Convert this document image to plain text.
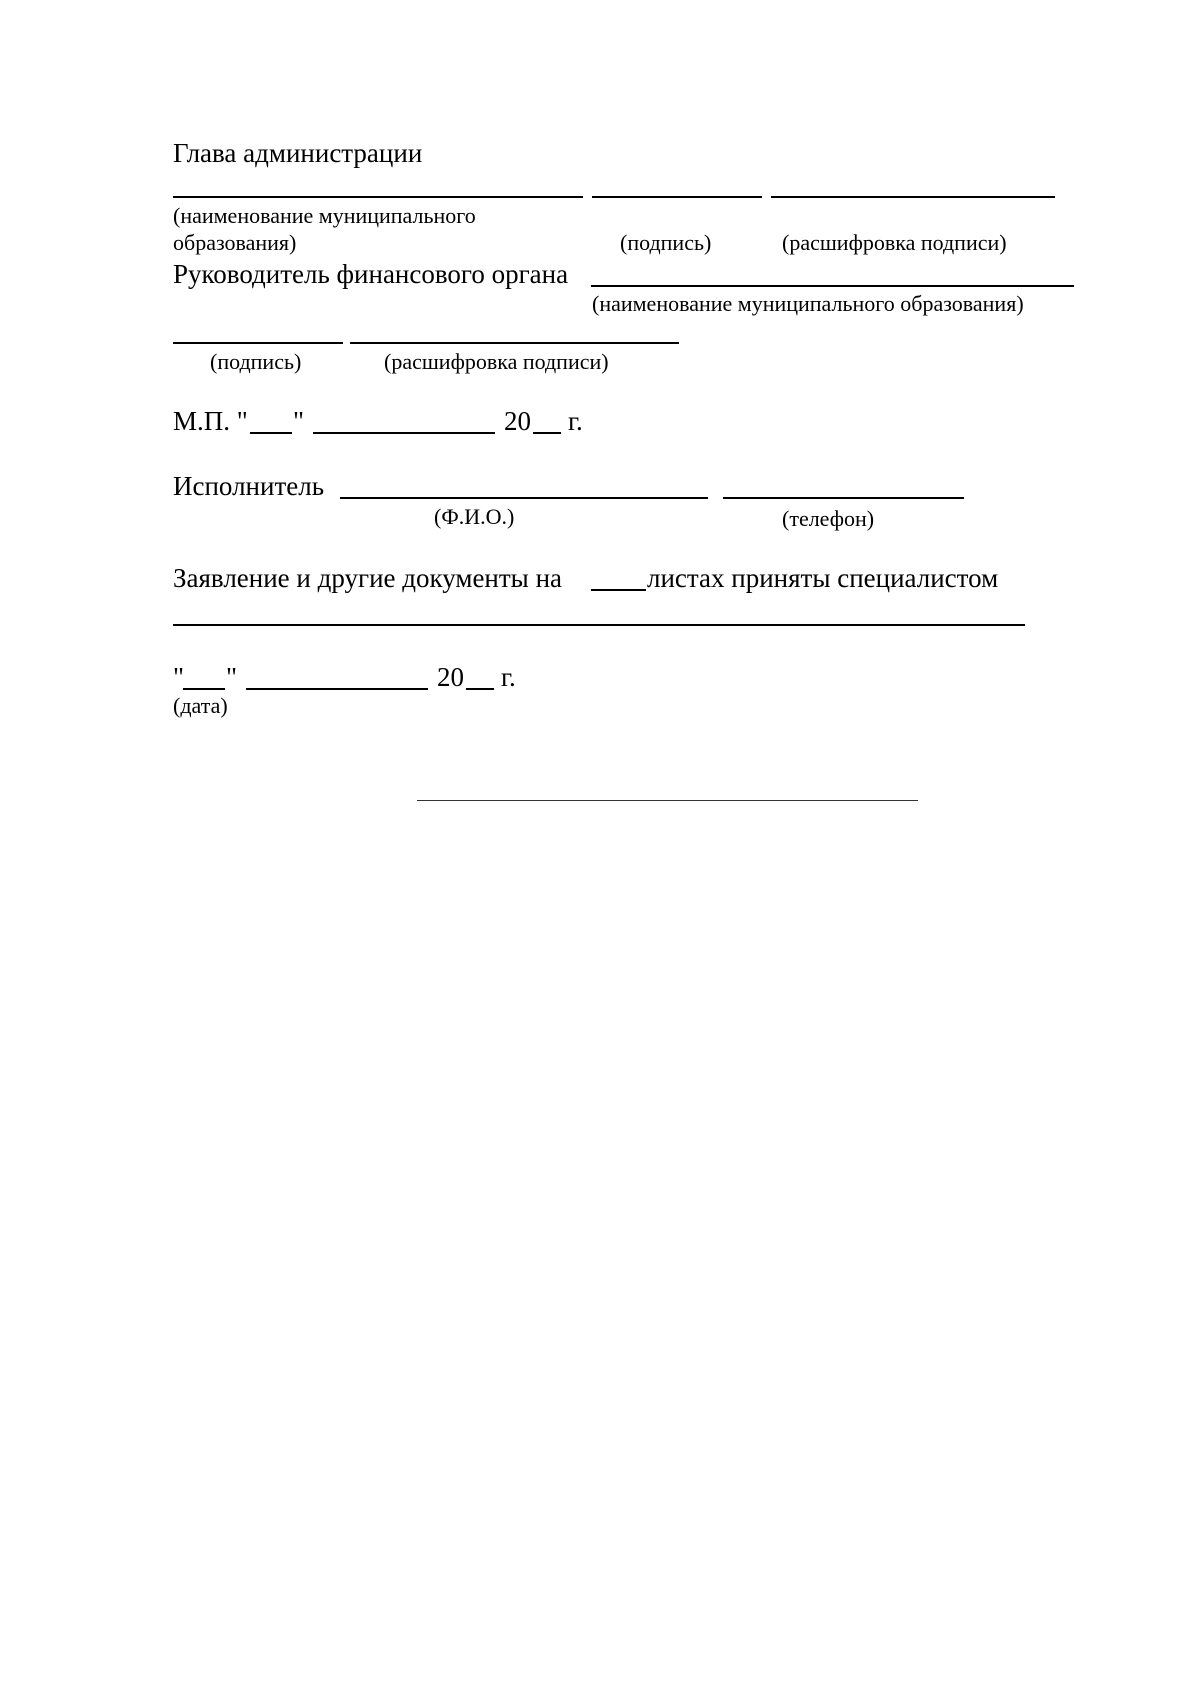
Глава администрации
(наименование муниципального
образования)	(подпись)	(расшифровка подписи)
Руководитель финансового органа
(наименование муниципального образования)
(подпись)	(расшифровка подписи)
М.П. " "	20 г.
Исполнитель
(Ф.И.О.)	(телефон)
Заявление и другие документы на	листах приняты специалистом
" "	20 г.
(дата)
